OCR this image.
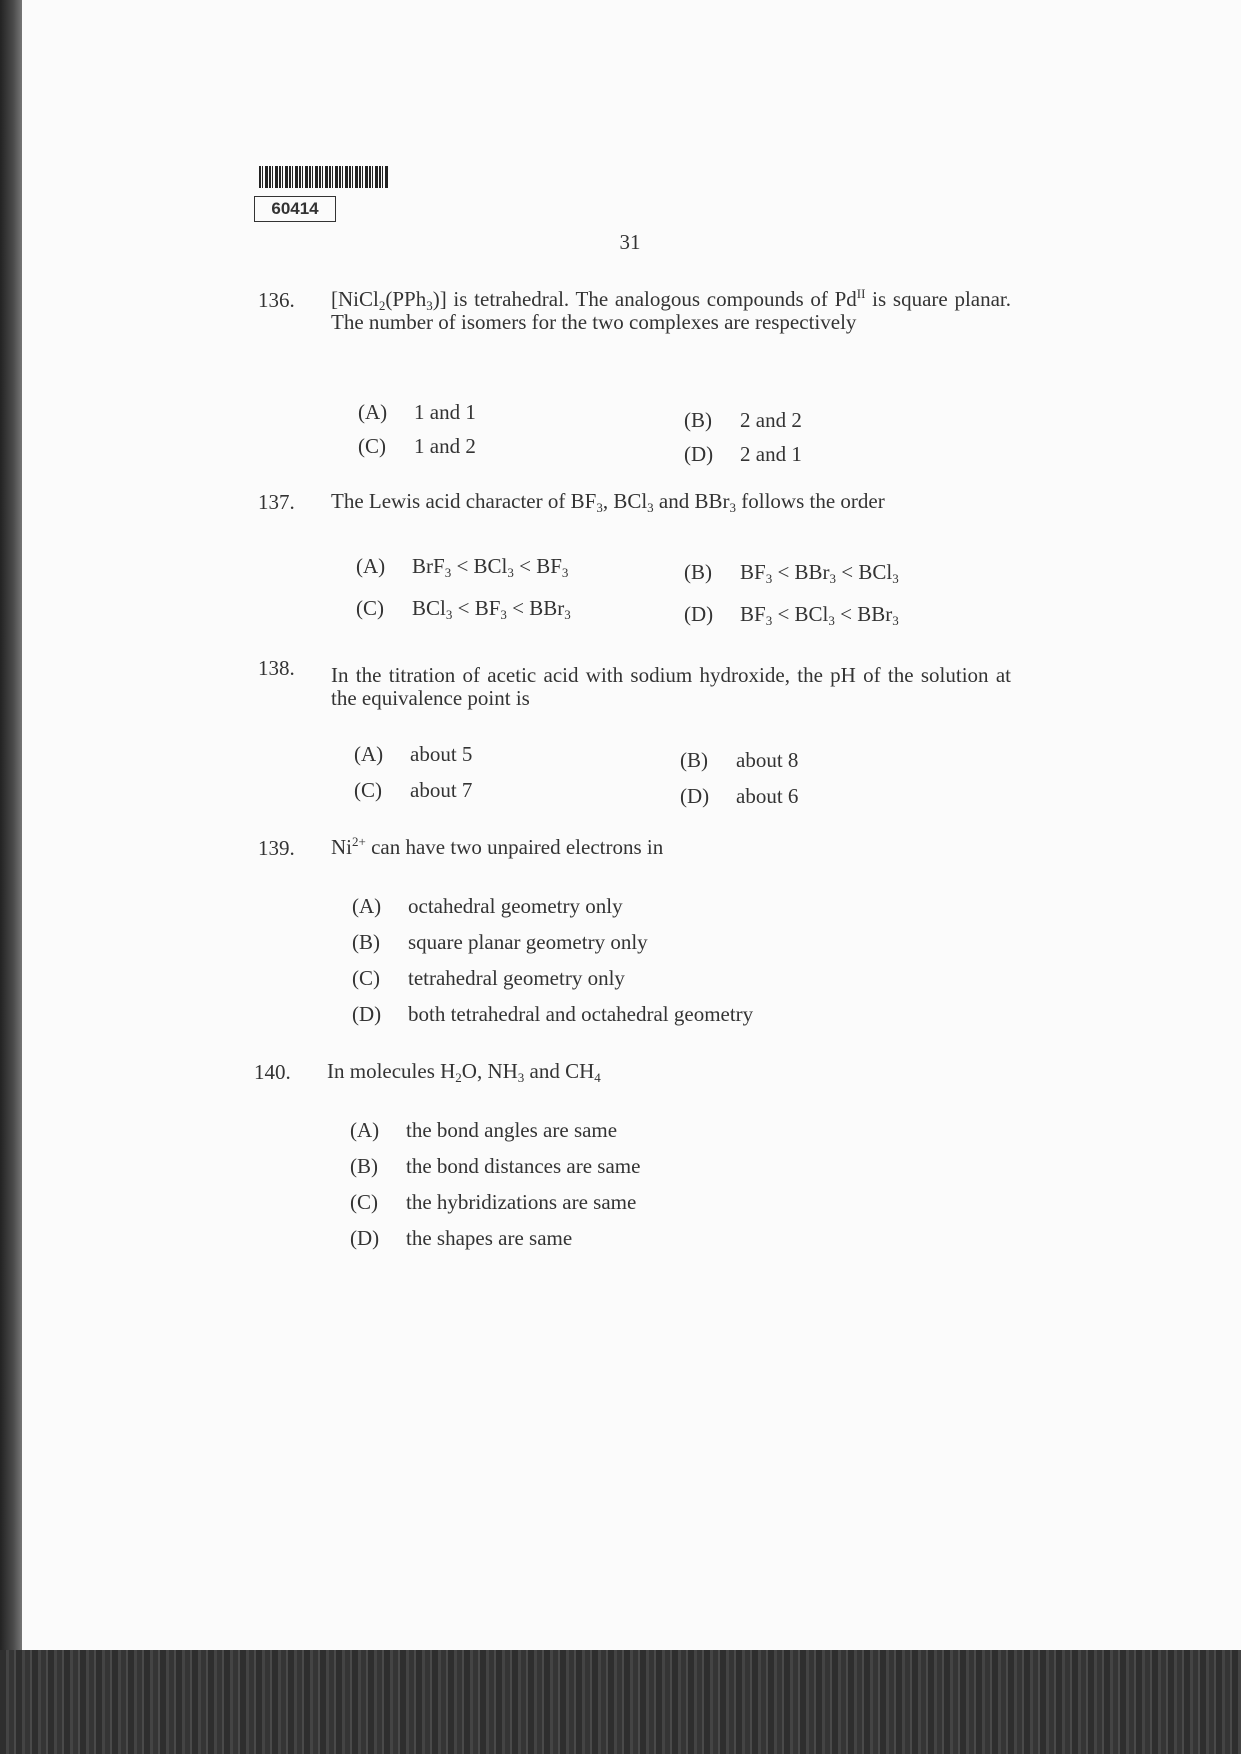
60414
31
136. [NiCl$_2$(PPh$_3$)] is tetrahedral. The analogous compounds of $Pd^{II}$ is square planar. The number of isomers for the two complexes are respectively
(A) 1 and 1	(B) 2 and 2
(C) 1 and 2	(D) 2 and 1
137. The Lewis acid character of $BF_3$, BCl$_3$ and BBr$_3$ follows the order
(A) $BrF_3 < BCl_3 < BF_3$	(B) $BF_3 < BBr_3 < BCl_3$
(C) $BCl_3 < BF_3 < BBr_3$	(D) $BF_3 < BCl_3 < BBr_3$
138. In the titration of acetic acid with sodium hydroxide, the pH of the solution at the equivalence point is
(A) about 5	(B) about 8
(C) about 7	(D) about 6
139. $Ni^{2+}$ can have two unpaired electrons in
(A) octahedral geometry only
(B) square planar geometry only
(C) tetrahedral geometry only
(D) both tetrahedral and octahedral geometry
140. In molecules $H_2O$, $NH_3$ and $CH_4$
(A) the bond angles are same
(B) the bond distances are same
(C) the hybridizations are same
(D) the shapes are same
